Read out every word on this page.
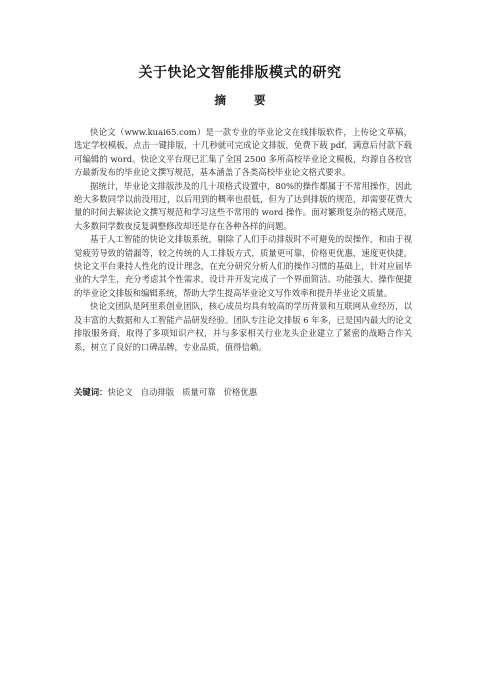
关于快论文智能排版模式的研究
摘 要

快论文（www.kuai65.com）是一款专业的毕业论文在线排版软件，上传论文草稿，选定学校模板，点击一键排版，十几秒就可完成论文排版，免费下载 pdf，满意后付款下载可编辑的 word。快论文平台现已汇集了全国 2500 多所高校毕业论文模板，均源自各校官方最新发布的毕业论文撰写规范，基本涵盖了各类高校毕业论文格式要求。

据统计，毕业论文排版涉及的几十项格式设置中，80%的操作都属于不常用操作，因此绝大多数同学以前没用过，以后用到的概率也很低，但为了达到排版的规范，却需要花费大量的时间去解读论文撰写规范和学习这些不常用的 word 操作。面对繁琐复杂的格式规范，大多数同学数夜反复调整修改却还是存在各种各样的问题。

基于人工智能的快论文排版系统，剔除了人们手动排版时不可避免的误操作，和由于视觉疲劳导致的错漏等，较之传统的人工排版方式，质量更可靠，价格更优惠，速度更快捷。快论文平台秉持人性化的设计理念，在充分研究分析人们的操作习惯的基础上，针对应届毕业的大学生，充分考虑其个性需求，设计并开发完成了一个界面简洁、功能强大、操作便捷的毕业论文排版和编辑系统，帮助大学生提高毕业论文写作效率和提升毕业论文质量。

快论文团队是阿里系创业团队，核心成员均具有较高的学历背景和互联网从业经历，以及丰富的大数据和人工智能产品研发经验。团队专注论文排版 6 年多，已是国内最大的论文排版服务商，取得了多项知识产权，并与多家相关行业龙头企业建立了紧密的战略合作关系，树立了良好的口碑品牌，专业品质，值得信赖。

关键词：快论文 自动排版 质量可靠 价格优惠
